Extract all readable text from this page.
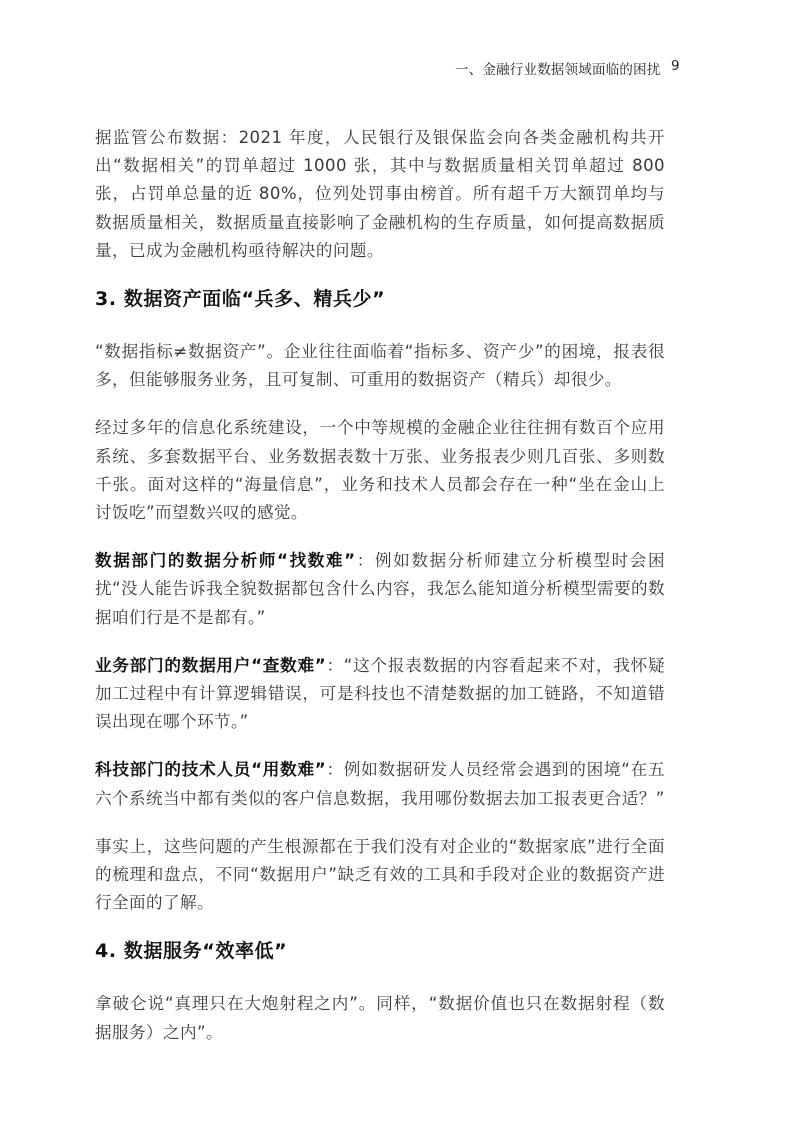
一、金融行业数据领域面临的困扰 9

据监管公布数据：2021 年度，人民银行及银保监会向各类金融机构共开出“数据相关”的罚单超过 1000 张，其中与数据质量相关罚单超过 800 张，占罚单总量的近 80%，位列处罚事由榜首。所有超千万大额罚单均与数据质量相关，数据质量直接影响了金融机构的生存质量，如何提高数据质量，已成为金融机构亟待解决的问题。

3. 数据资产面临“兵多、精兵少”

“数据指标≠数据资产”。企业往往面临着“指标多、资产少”的困境，报表很多，但能够服务业务，且可复制、可重用的数据资产（精兵）却很少。

经过多年的信息化系统建设，一个中等规模的金融企业往往拥有数百个应用系统、多套数据平台、业务数据表数十万张、业务报表少则几百张、多则数千张。面对这样的“海量信息”，业务和技术人员都会存在一种“坐在金山上讨饭吃”而望数兴叹的感觉。

数据部门的数据分析师“找数难”：例如数据分析师建立分析模型时会困扰“没人能告诉我全貌数据都包含什么内容，我怎么能知道分析模型需要的数据咱们行是不是都有。”

业务部门的数据用户“查数难”：“这个报表数据的内容看起来不对，我怀疑加工过程中有计算逻辑错误，可是科技也不清楚数据的加工链路，不知道错误出现在哪个环节。”

科技部门的技术人员“用数难”：例如数据研发人员经常会遇到的困境“在五六个系统当中都有类似的客户信息数据，我用哪份数据去加工报表更合适？”

事实上，这些问题的产生根源都在于我们没有对企业的“数据家底”进行全面的梳理和盘点，不同“数据用户”缺乏有效的工具和手段对企业的数据资产进行全面的了解。

4. 数据服务“效率低”

拿破仑说“真理只在大炮射程之内”。同样，“数据价值也只在数据射程（数据服务）之内”。
